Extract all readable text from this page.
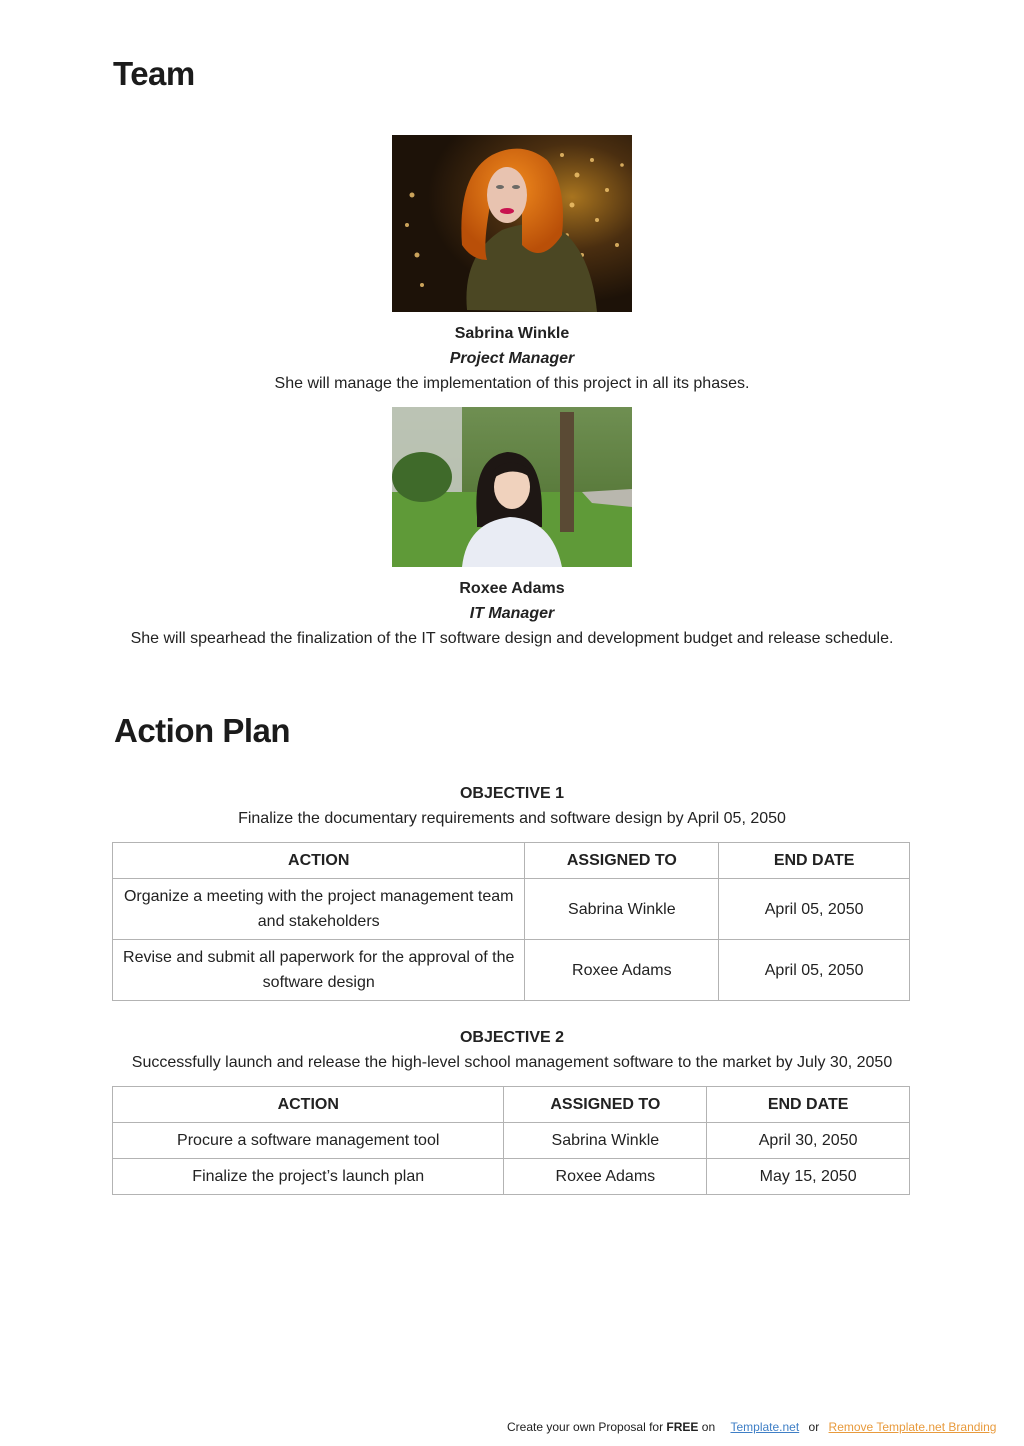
Team
Sabrina Winkle
Project Manager
She will manage the implementation of this project in all its phases.
Roxee Adams
IT Manager
She will spearhead the finalization of the IT software design and development budget and release schedule.
Action Plan
OBJECTIVE 1
Finalize the documentary requirements and software design by April 05, 2050
ACTION	ASSIGNED TO	END DATE
Organize a meeting with the project management team and stakeholders	Sabrina Winkle	April 05, 2050
Revise and submit all paperwork for the approval of the software design	Roxee Adams	April 05, 2050
OBJECTIVE 2
Successfully launch and release the high-level school management software to the market by July 30, 2050
ACTION	ASSIGNED TO	END DATE
Procure a software management tool	Sabrina Winkle	April 30, 2050
Finalize the project’s launch plan	Roxee Adams	May 15, 2050
Create your own Proposal for FREE on Template.net or Remove Template.net Branding
